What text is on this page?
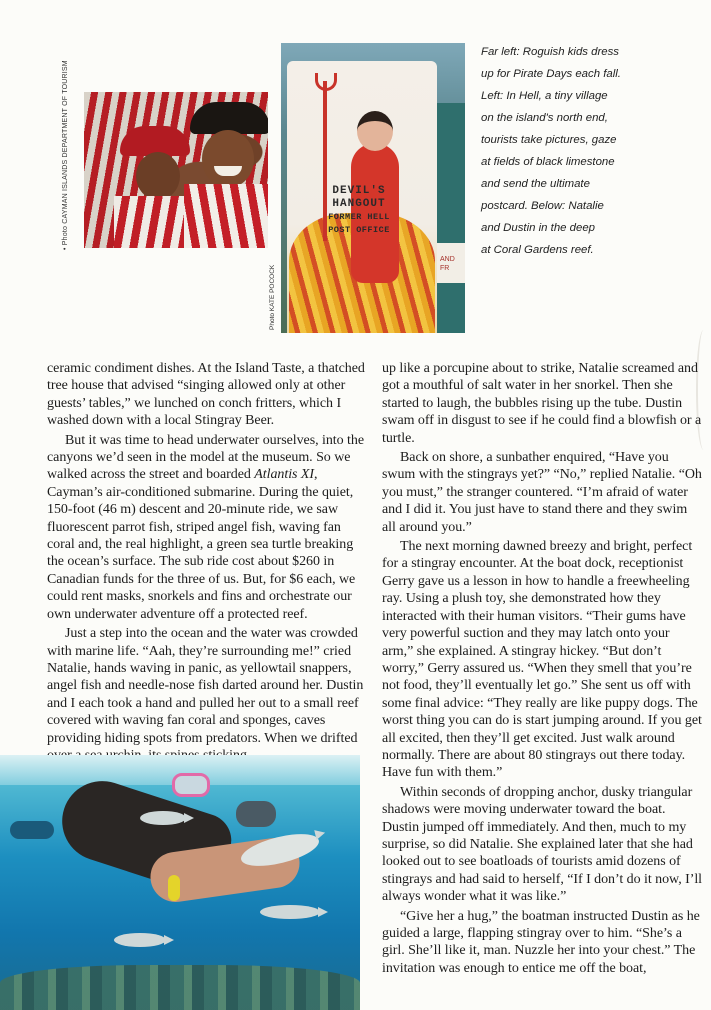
• Photo CAYMAN ISLANDS DEPARTMENT OF TOURISM
AND FR
DEVIL'S
HANGOUT
FORMER HELL
POST OFFICE
Photo KATE POCOCK
Far left: Roguish kids dress
up for Pirate Days each fall.
Left: In Hell, a tiny village
on the island's north end,
tourists take pictures, gaze
at fields of black limestone
and send the ultimate
postcard. Below: Natalie
and Dustin in the deep
at Coral Gardens reef.

ceramic condiment dishes. At the Island Taste, a thatched tree house that advised “singing allowed only at other guests’ tables,” we lunched on conch fritters, which I washed down with a local Stingray Beer.

But it was time to head underwater ourselves, into the canyons we’d seen in the model at the museum. So we walked across the street and boarded Atlantis XI, Cayman’s air-conditioned submarine. During the quiet, 150-foot (46 m) descent and 20-minute ride, we saw fluorescent parrot fish, striped angel fish, waving fan coral and, the real highlight, a green sea turtle breaking the ocean’s surface. The sub ride cost about $260 in Canadian funds for the three of us. But, for $6 each, we could rent masks, snorkels and fins and orchestrate our own underwater adventure off a protected reef.

Just a step into the ocean and the water was crowded with marine life. “Aah, they’re surrounding me!” cried Natalie, hands waving in panic, as yellowtail snappers, angel fish and needle-nose fish darted around her. Dustin and I each took a hand and pulled her out to a small reef covered with waving fan coral and sponges, caves providing hiding spots from predators. When we drifted

up like a porcupine about to strike, Natalie screamed and got a mouthful of salt water in her snorkel. Then she started to laugh, the bubbles rising up the tube. Dustin swam off in disgust to see if he could find a blowfish or a turtle.

Back on shore, a sunbather enquired, “Have you swum with the stingrays yet?” “No,” replied Natalie. “Oh you must,” the stranger countered. “I’m afraid of water and I did it. You just have to stand there and they swim all around you.”

The next morning dawned breezy and bright, perfect for a stingray encounter. At the boat dock, receptionist Gerry gave us a lesson in how to handle a freewheeling ray. Using a plush toy, she demonstrated how they interacted with their human visitors. “Their gums have very powerful suction and they may latch onto your arm,” she explained. A stingray hickey. “But don’t worry,” Gerry assured us. “When they smell that you’re not food, they’ll eventually let go.” She sent us off with some final advice: “They really are like puppy dogs. The worst thing you can do is start jumping around. If you get all excited, then they’ll get excited. Just walk around normally. There are about 80 stingrays out there today. Have fun with them.”

Within seconds of dropping anchor, dusky triangular shadows were moving underwater toward the boat. Dustin jumped off immediately. And then, much to my surprise, so did Natalie. She explained later that she had looked out to see boatloads of tourists amid dozens of stingrays and had said to herself, “If I don’t do it now, I’ll always wonder what it was like.”

“Give her a hug,” the boatman instructed Dustin as he guided a large, flapping stingray over to him. “She’s a girl. She’ll like it, man. Nuzzle her into your chest.” The invitation was enough to entice me off the boat,
